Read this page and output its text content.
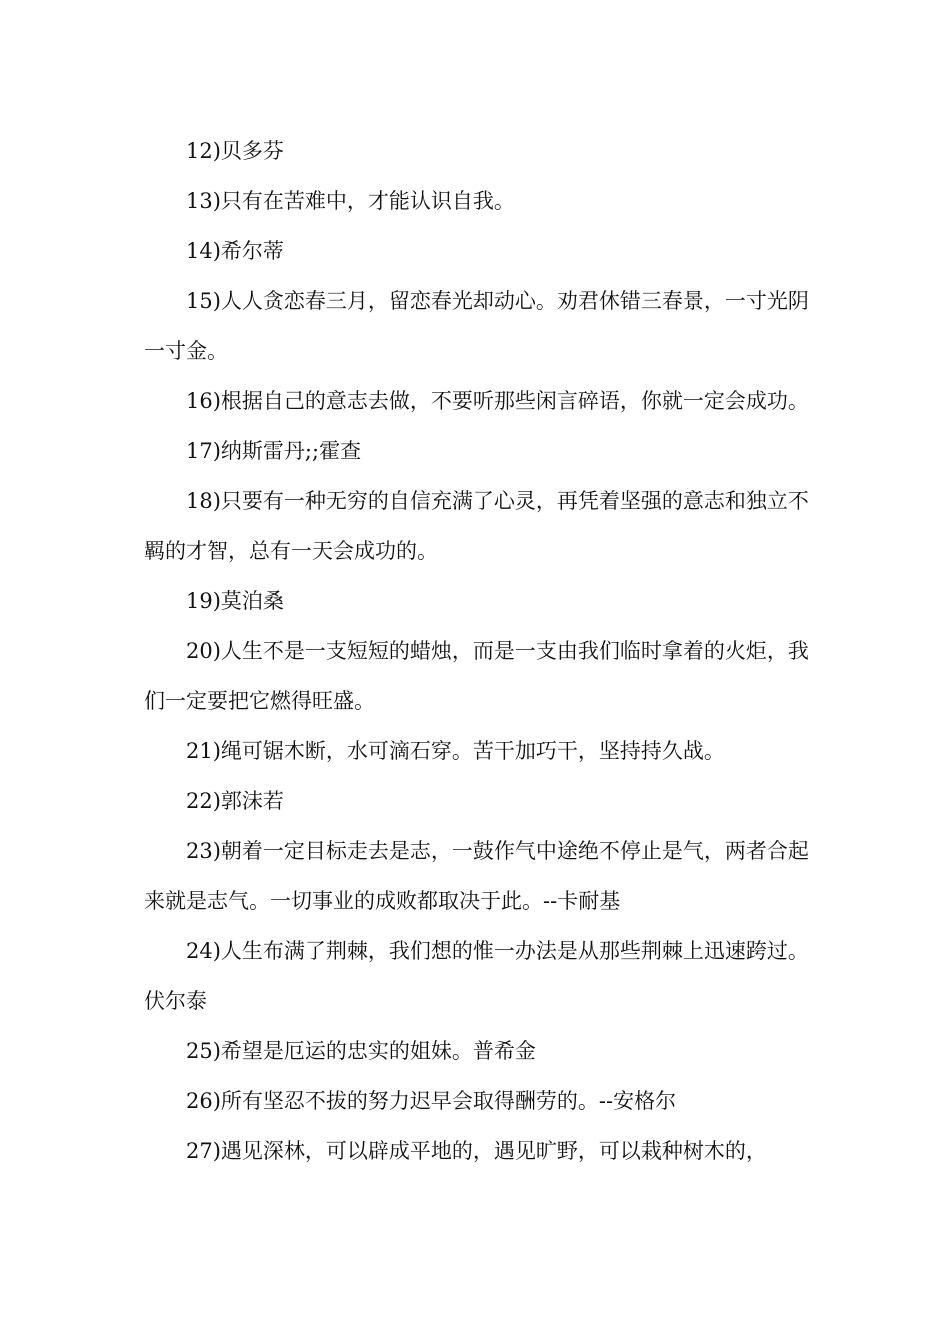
12)贝多芬

13)只有在苦难中，才能认识自我。

14)希尔蒂

15)人人贪恋春三月，留恋春光却动心。劝君休错三春景，一寸光阴一寸金。

16)根据自己的意志去做，不要听那些闲言碎语，你就一定会成功。

17)纳斯雷丹;;霍查

18)只要有一种无穷的自信充满了心灵，再凭着坚强的意志和独立不羁的才智，总有一天会成功的。

19)莫泊桑

20)人生不是一支短短的蜡烛，而是一支由我们临时拿着的火炬，我们一定要把它燃得旺盛。

21)绳可锯木断，水可滴石穿。苦干加巧干，坚持持久战。

22)郭沫若

23)朝着一定目标走去是志，一鼓作气中途绝不停止是气，两者合起来就是志气。一切事业的成败都取决于此。--卡耐基

24)人生布满了荆棘，我们想的惟一办法是从那些荆棘上迅速跨过。伏尔泰

25)希望是厄运的忠实的姐妹。普希金

26)所有坚忍不拔的努力迟早会取得酬劳的。--安格尔

27)遇见深林，可以辟成平地的，遇见旷野，可以栽种树木的，
